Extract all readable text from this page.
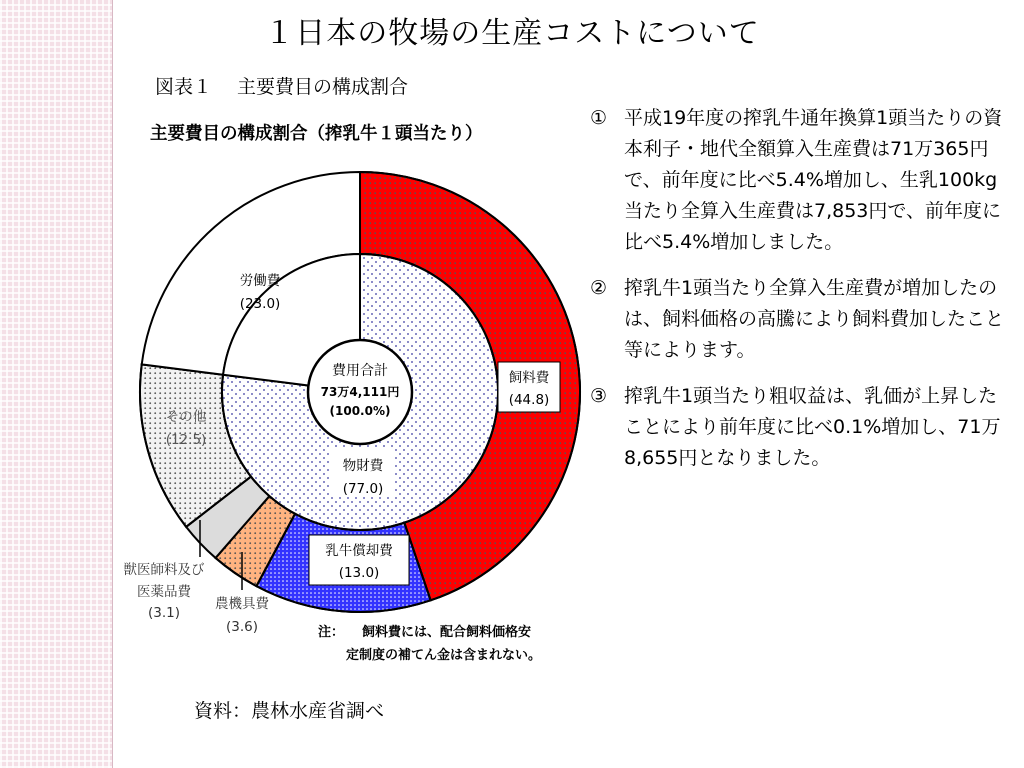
１日本の牧場の生産コストについて
図表１　 主要費目の構成割合
主要費目の構成割合（搾乳牛１頭当たり）
費用合計
73万4,111円
(100.0%)
労働費
(23.0)
飼料費
(44.8)
その他
(12.5)
物財費
(77.0)
乳牛償却費
(13.0)
獣医師料及び
医薬品費
(3.1)
農機具費
(3.6)	注： 飼料費には、配合飼料価格安
定制度の補てん金は含まれない。
① 平成19年度の搾乳牛通年換算1頭当たりの資本利子・地代全額算入生産費は71万365円で、前年度に比べ5.4%増加し、生乳100kg当たり全算入生産費は7,853円で、前年度に比べ5.4%増加しました。
② 搾乳牛1頭当たり全算入生産費が増加したのは、飼料価格の高騰により飼料費加したこと等によります。
③ 搾乳牛1頭当たり粗収益は、乳価が上昇したことにより前年度に比べ0.1%増加し、71万8,655円となりました。
資料：農林水産省調べ
